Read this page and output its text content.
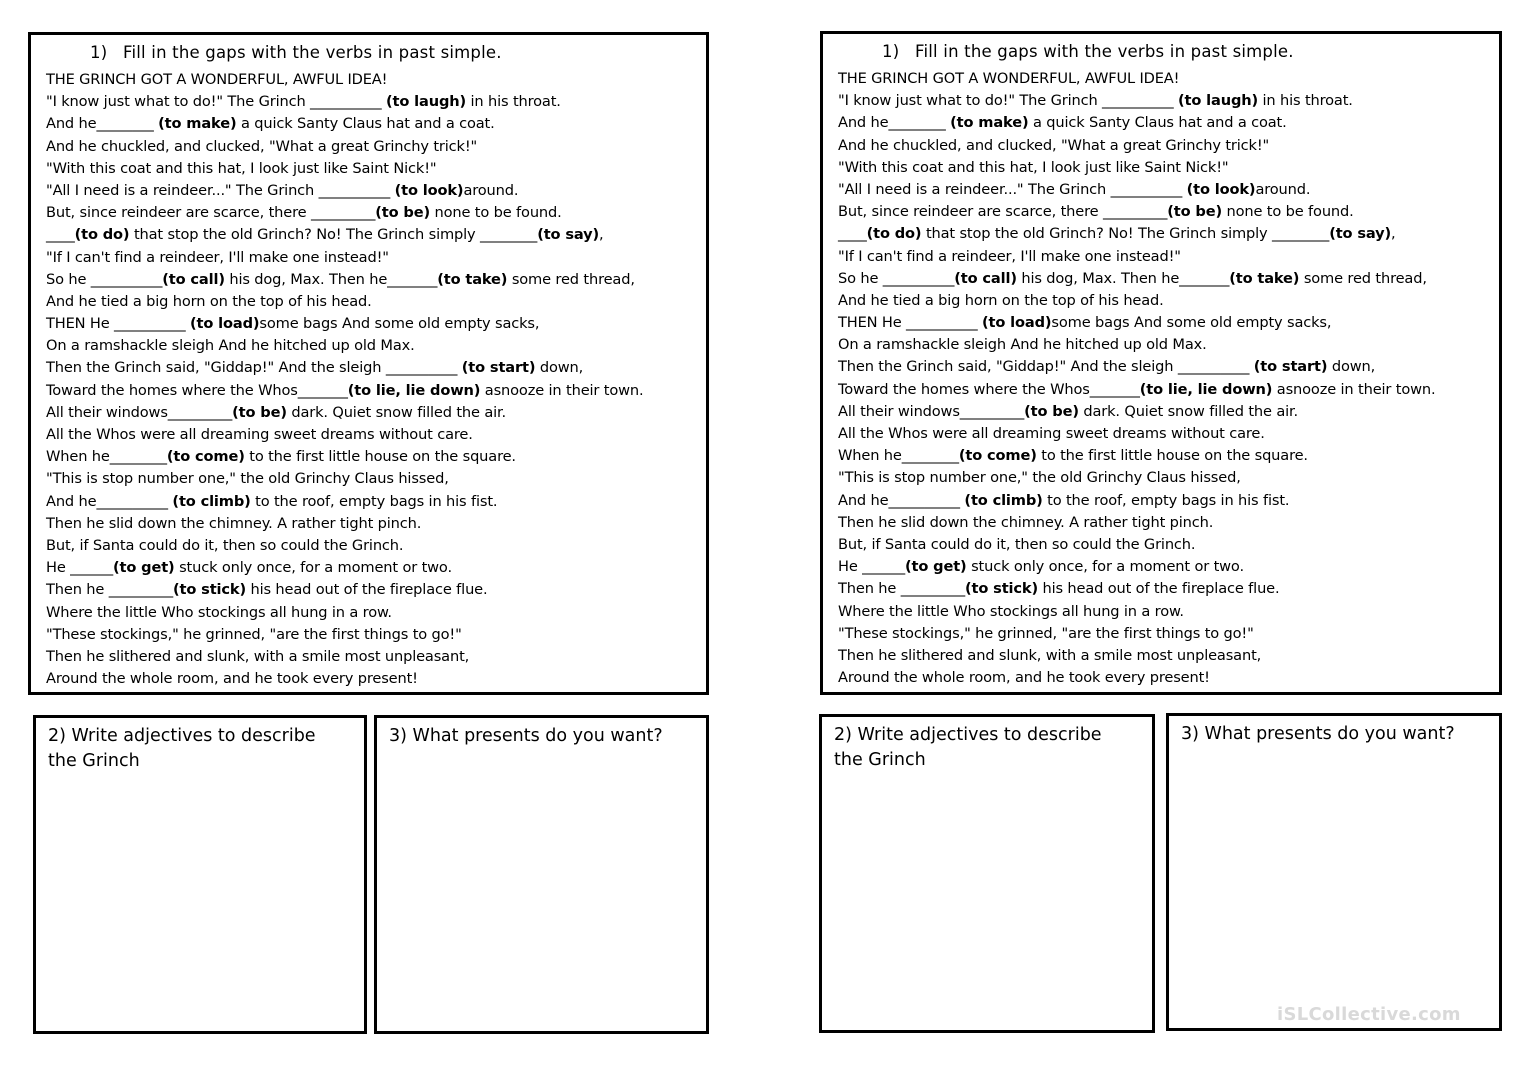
1) Fill in the gaps with the verbs in past simple.
THE GRINCH GOT A WONDERFUL, AWFUL IDEA!
"I know just what to do!" The Grinch __________ (to laugh) in his throat.
And he________ (to make) a quick Santy Claus hat and a coat.
And he chuckled, and clucked, "What a great Grinchy trick!"
"With this coat and this hat, I look just like Saint Nick!"
"All I need is a reindeer..." The Grinch __________ (to look)around.
But, since reindeer are scarce, there _________(to be) none to be found.
____(to do) that stop the old Grinch? No! The Grinch simply ________(to say),
"If I can't find a reindeer, I'll make one instead!"
So he __________(to call) his dog, Max. Then he_______(to take) some red thread,
And he tied a big horn on the top of his head.
THEN He __________ (to load)some bags And some old empty sacks,
On a ramshackle sleigh And he hitched up old Max.
Then the Grinch said, "Giddap!" And the sleigh __________ (to start) down,
Toward the homes where the Whos_______(to lie, lie down) asnooze in their town.
All their windows_________(to be) dark. Quiet snow filled the air.
All the Whos were all dreaming sweet dreams without care.
When he________(to come) to the first little house on the square.
"This is stop number one," the old Grinchy Claus hissed,
And he__________ (to climb) to the roof, empty bags in his fist.
Then he slid down the chimney. A rather tight pinch.
But, if Santa could do it, then so could the Grinch.
He ______(to get) stuck only once, for a moment or two.
Then he _________(to stick) his head out of the fireplace flue.
Where the little Who stockings all hung in a row.
"These stockings," he grinned, "are the first things to go!"
Then he slithered and slunk, with a smile most unpleasant,
Around the whole room, and he took every present!
2) Write adjectives to describe the Grinch
3) What presents do you want?
1) Fill in the gaps with the verbs in past simple.
THE GRINCH GOT A WONDERFUL, AWFUL IDEA!
"I know just what to do!" The Grinch __________ (to laugh) in his throat.
And he________ (to make) a quick Santy Claus hat and a coat.
And he chuckled, and clucked, "What a great Grinchy trick!"
"With this coat and this hat, I look just like Saint Nick!"
"All I need is a reindeer..." The Grinch __________ (to look)around.
But, since reindeer are scarce, there _________(to be) none to be found.
____(to do) that stop the old Grinch? No! The Grinch simply ________(to say),
"If I can't find a reindeer, I'll make one instead!"
So he __________(to call) his dog, Max. Then he_______(to take) some red thread,
And he tied a big horn on the top of his head.
THEN He __________ (to load)some bags And some old empty sacks,
On a ramshackle sleigh And he hitched up old Max.
Then the Grinch said, "Giddap!" And the sleigh __________ (to start) down,
Toward the homes where the Whos_______(to lie, lie down) asnooze in their town.
All their windows_________(to be) dark. Quiet snow filled the air.
All the Whos were all dreaming sweet dreams without care.
When he________(to come) to the first little house on the square.
"This is stop number one," the old Grinchy Claus hissed,
And he__________ (to climb) to the roof, empty bags in his fist.
Then he slid down the chimney. A rather tight pinch.
But, if Santa could do it, then so could the Grinch.
He ______(to get) stuck only once, for a moment or two.
Then he _________(to stick) his head out of the fireplace flue.
Where the little Who stockings all hung in a row.
"These stockings," he grinned, "are the first things to go!"
Then he slithered and slunk, with a smile most unpleasant,
Around the whole room, and he took every present!
2) Write adjectives to describe the Grinch
3) What presents do you want?
iSLCollective.com
